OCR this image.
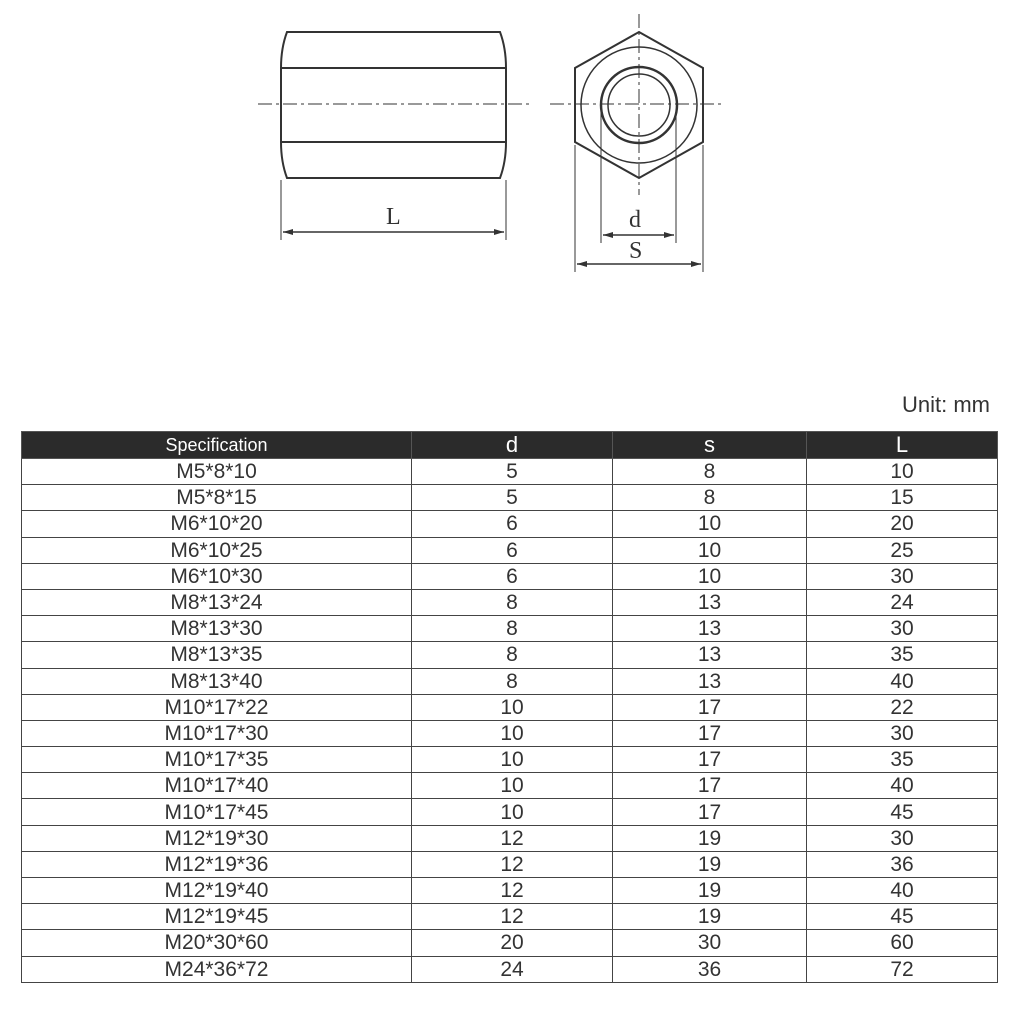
L	d
S
Unit: mm
Specification	d	s	L
M5*8*10	5	8	10
M5*8*15	5	8	15
M6*10*20	6	10	20
M6*10*25	6	10	25
M6*10*30	6	10	30
M8*13*24	8	13	24
M8*13*30	8	13	30
M8*13*35	8	13	35
M8*13*40	8	13	40
M10*17*22	10	17	22
M10*17*30	10	17	30
M10*17*35	10	17	35
M10*17*40	10	17	40
M10*17*45	10	17	45
M12*19*30	12	19	30
M12*19*36	12	19	36
M12*19*40	12	19	40
M12*19*45	12	19	45
M20*30*60	20	30	60
M24*36*72	24	36	72
